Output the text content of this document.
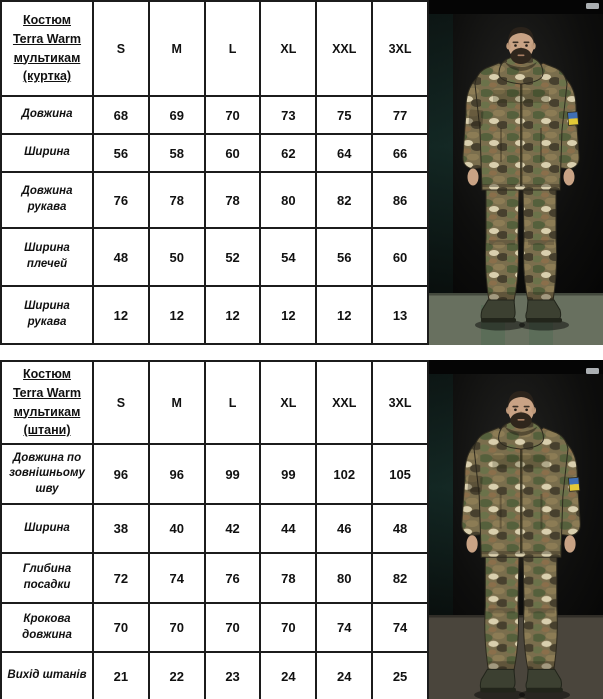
Костюм
Terra Warm
мультикам
(куртка)	S	M	L	XL	XXL	3XL
Довжина	68	69	70	73	75	77
Ширина	56	58	60	62	64	66
Довжина рукава	76	78	78	80	82	86
Ширина плечей	48	50	52	54	56	60
Ширина рукава	12	12	12	12	12	13
Костюм
Terra Warm
мультикам
(штани)	S	M	L	XL	XXL	3XL
Довжина по зовнішньому шву	96	96	99	99	102	105
Ширина	38	40	42	44	46	48
Глибина посадки	72	74	76	78	80	82
Крокова довжина	70	70	70	70	74	74
Вихід штанів	21	22	23	24	24	25
